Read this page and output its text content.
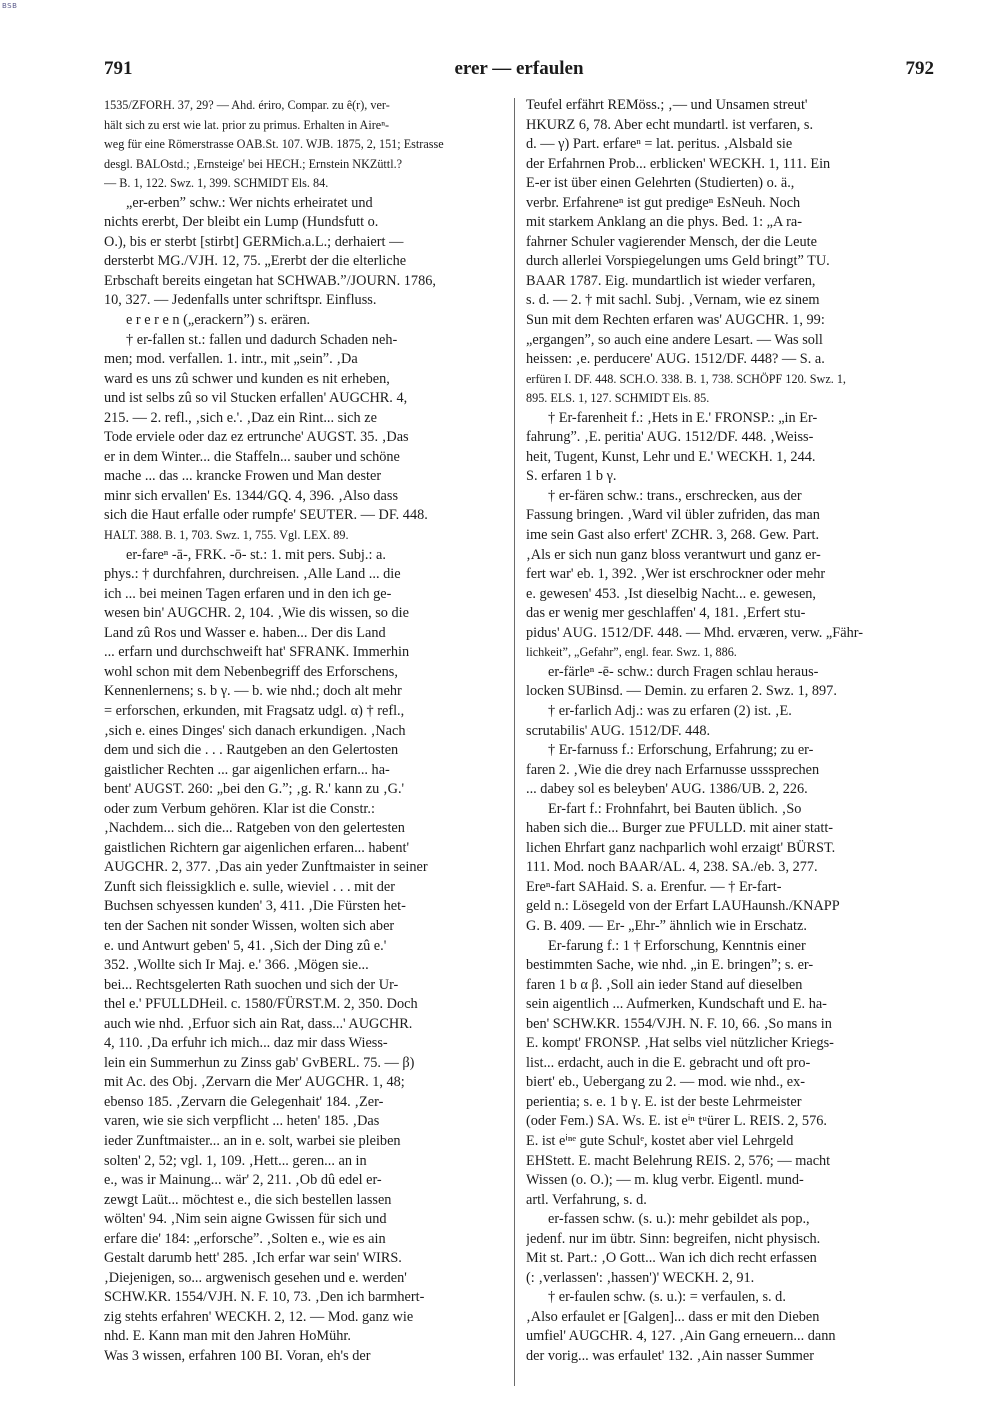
BSB
791	erer — erfaulen	792
1535/ZFORH. 37, 29? — Ahd. ériro, Compar. zu ê(r), ver-
hält sich zu erst wie lat. prior zu primus. Erhalten in Aireⁿ-
weg für eine Römerstrasse OAB.St. 107. WJB. 1875, 2, 151; Estrasse
desgl. BALOstd.; ‚Ernsteige' bei HECH.; Ernstein NKZüttl.?
— B. 1, 122. Swz. 1, 399. SCHMIDT Els. 84.
„er-erbenˮ schw.: Wer nichts erheiratet und
nichts ererbt, Der bleibt ein Lump (Hundsfutt o.
O.), bis er sterbt [stirbt] GERMich.a.L.; derhaiert —
dersterbt MG./VJH. 12, 75. „Ererbt der die elterliche
Erbschaft bereits eingetan hat SCHWAB.ˮ/JOURN. 1786,
10, 327. — Jedenfalls unter schriftspr. Einfluss.
e r e r e n („erackernˮ) s. erären.
† er-fallen st.: fallen und dadurch Schaden neh-
men; mod. verfallen. 1. intr., mit „seinˮ. ‚Da
ward es uns zû schwer und kunden es nit erheben,
und ist selbs zû so vil Stucken erfallen' AUGCHR. 4,
215. — 2. refl., ‚sich e.'. ‚Daz ein Rint... sich ze
Tode erviele oder daz ez ertrunche' AUGST. 35. ‚Das
er in dem Winter... die Staffeln... sauber und schöne
mache ... das ... krancke Frowen und Man dester
minr sich ervallen' Es. 1344/GQ. 4, 396. ‚Also dass
sich die Haut erfalle oder rumpfe' SEUTER. — DF. 448.
HALT. 388. B. 1, 703. Swz. 1, 755. Vgl. LEX. 89.
er-fareⁿ -ā-, FRK. -ō- st.: 1. mit pers. Subj.: a.
phys.: † durchfahren, durchreisen. ‚Alle Land ... die
ich ... bei meinen Tagen erfaren und in den ich ge-
wesen bin' AUGCHR. 2, 104. ‚Wie dis wissen, so die
Land zû Ros und Wasser e. haben... Der dis Land
... erfarn und durchschweift hat' SFRANK. Immerhin
wohl schon mit dem Nebenbegriff des Erforschens,
Kennenlernens; s. b γ. — b. wie nhd.; doch alt mehr
= erforschen, erkunden, mit Fragsatz udgl. α) † refl.,
‚sich e. eines Dinges' sich danach erkundigen. ‚Nach
dem und sich die . . . Rautgeben an den Gelertosten
gaistlicher Rechten ... gar aigenlichen erfarn... ha-
bent' AUGST. 260: „bei den G.ˮ; ‚g. R.' kann zu ‚G.'
oder zum Verbum gehören. Klar ist die Constr.:
‚Nachdem... sich die... Ratgeben von den gelertesten
gaistlichen Richtern gar aigenlichen erfaren... habent'
AUGCHR. 2, 377. ‚Das ain yeder Zunftmaister in seiner
Zunft sich fleissigklich e. sulle, wieviel . . . mit der
Buchsen schyessen kunden' 3, 411. ‚Die Fürsten het-
ten der Sachen nit sonder Wissen, wolten sich aber
e. und Antwurt geben' 5, 41. ‚Sich der Ding zû e.'
352. ‚Wollte sich Ir Maj. e.' 366. ‚Mögen sie...
bei... Rechtsgelerten Rath suochen und sich der Ur-
thel e.' PFULLDHeil. c. 1580/FÜRST.M. 2, 350. Doch
auch wie nhd. ‚Erfuor sich ain Rat, dass...' AUGCHR.
4, 110. ‚Da erfuhr ich mich... daz mir dass Wiess-
lein ein Summerhun zu Zinss gab' GvBERL. 75. — β)
mit Ac. des Obj. ‚Zervarn die Mer' AUGCHR. 1, 48;
ebenso 185. ‚Zervarn die Gelegenhait' 184. ‚Zer-
varen, wie sie sich verpflicht ... heten' 185. ‚Das
ieder Zunftmaister... an in e. solt, warbei sie pleiben
solten' 2, 52; vgl. 1, 109. ‚Hett... geren... an in
e., was ir Mainung... wär' 2, 211. ‚Ob dû edel er-
zewgt Laüt... möchtest e., die sich bestellen lassen
wölten' 94. ‚Nim sein aigne Gwissen für sich und
erfare die' 184: „erforscheˮ. ‚Solten e., wie es ain
Gestalt darumb hett' 285. ‚Ich erfar war sein' WIRS.
‚Diejenigen, so... argwenisch gesehen und e. werden'
SCHW.KR. 1554/VJH. N. F. 10, 73. ‚Den ich barmhert-
zig stehts erfahren' WECKH. 2, 12. — Mod. ganz wie
nhd. E. Kann man mit den Jahren HoMühr.
Was 3 wissen, erfahren 100 BI. Voran, eh's der
Teufel erfährt REMöss.; ‚— und Unsamen streut'
HKURZ 6, 78. Aber echt mundartl. ist verfaren, s.
d. — γ) Part. erfareⁿ = lat. peritus. ‚Alsbald sie
der Erfahrnen Prob... erblicken' WECKH. 1, 111. Ein
E-er ist über einen Gelehrten (Studierten) o. ä.,
verbr. Erfahreneⁿ ist gut predigeⁿ EsNeuh. Noch
mit starkem Anklang an die phys. Bed. 1: „A ra-
fahrner Schuler vagierender Mensch, der die Leute
durch allerlei Vorspiegelungen ums Geld bringtˮ TU.
BAAR 1787. Eig. mundartlich ist wieder verfaren,
s. d. — 2. † mit sachl. Subj. ‚Vernam, wie ez sinem
Sun mit dem Rechten erfaren was' AUGCHR. 1, 99:
„ergangenˮ, so auch eine andere Lesart. — Was soll
heissen: ‚e. perducere' AUG. 1512/DF. 448? — S. a.
erfüren I. DF. 448. SCH.O. 338. B. 1, 738. SCHÖPF 120. Swz. 1,
895. ELS. 1, 127. SCHMIDT Els. 85.
† Er-farenheit f.: ‚Hets in E.' FRONSP.: „in Er-
fahrungˮ. ‚E. peritia' AUG. 1512/DF. 448. ‚Weiss-
heit, Tugent, Kunst, Lehr und E.' WECKH. 1, 244.
S. erfaren 1 b γ.
† er-fären schw.: trans., erschrecken, aus der
Fassung bringen. ‚Ward vil übler zufriden, das man
ime sein Gast also erfert' ZCHR. 3, 268. Gew. Part.
‚Als er sich nun ganz bloss verantwurt und ganz er-
fert war' eb. 1, 392. ‚Wer ist erschrockner oder mehr
e. gewesen' 453. ‚Ist dieselbig Nacht... e. gewesen,
das er wenig mer geschlaffen' 4, 181. ‚Erfert stu-
pidus' AUG. 1512/DF. 448. — Mhd. erværen, verw. „Fähr-
lichkeitˮ, „Gefahrˮ, engl. fear. Swz. 1, 886.
er-färleⁿ -ē- schw.: durch Fragen schlau heraus-
locken SUBinsd. — Demin. zu erfaren 2. Swz. 1, 897.
† er-farlich Adj.: was zu erfaren (2) ist. ‚E.
scrutabilis' AUG. 1512/DF. 448.
† Er-farnuss f.: Erforschung, Erfahrung; zu er-
faren 2. ‚Wie die drey nach Erfarnusse ussspreche​n
... dabey sol es beleyben' AUG. 1386/UB. 2, 226.
Er-fart f.: Frohnfahrt, bei Bauten üblich. ‚So
haben sich die... Burger zue PFULLD. mit ainer statt-
lichen Ehrfart ganz nachparlich wohl erzaigt' BÜRST.
111. Mod. noch BAAR/AL. 4, 238. SA./eb. 3, 277.
Ereⁿ-fart SAHaid. S. a. Erenfur. — † Er-fart-
geld n.: Lösegeld von der Erfart LAUHaunsh./KNAPP
G. B. 409. — Er- „Ehr-ˮ ähnlich wie in Erschatz.
Er-farung f.: 1 † Erforschung, Kenntnis einer
bestimmten Sache, wie nhd. „in E. bringenˮ; s. er-
faren 1 b α β. ‚Soll ain ieder Stand auf dieselben
sein aigentlich ... Aufmerken, Kundschaft und E. ha-
ben' SCHW.KR. 1554/VJH. N. F. 10, 66. ‚So mans in
E. kompt' FRONSP. ‚Hat selbs viel nützlicher Kriegs-
list... erdacht, auch in die E. gebracht und oft pro-
biert' eb., Uebergang zu 2. — mod. wie nhd., ex-
perientia; s. e. 1 b γ. E. ist der beste Lehrmeister
(oder Fem.) SA. Ws. E. ist eⁱⁿ tᵘürer L. REIS. 2, 576.
E. ist eⁱⁿᵉ gute Schulᵉ, kostet aber viel Lehrgeld
EHStett. E. macht Belehrung REIS. 2, 576; — macht
Wissen (o. O.); — m. klug verbr. Eigentl. mund-
artl. Verfahrung, s. d.
er-fassen schw. (s. u.): mehr gebildet als pop.,
jedenf. nur im übtr. Sinn: begreifen, nicht physisch.
Mit st. Part.: ‚O Gott... Wan ich dich recht erfassen
(: ‚verlassen': ‚hassen')' WECKH. 2, 91.
† er-faulen schw. (s. u.): = verfaulen, s. d.
‚Also erfaulet er [Galgen]... dass er mit den Dieben
umfiel' AUGCHR. 4, 127. ‚Ain Gang erneuern... dann
der vorig... was erfaulet' 132. ‚Ain nasser Summer
